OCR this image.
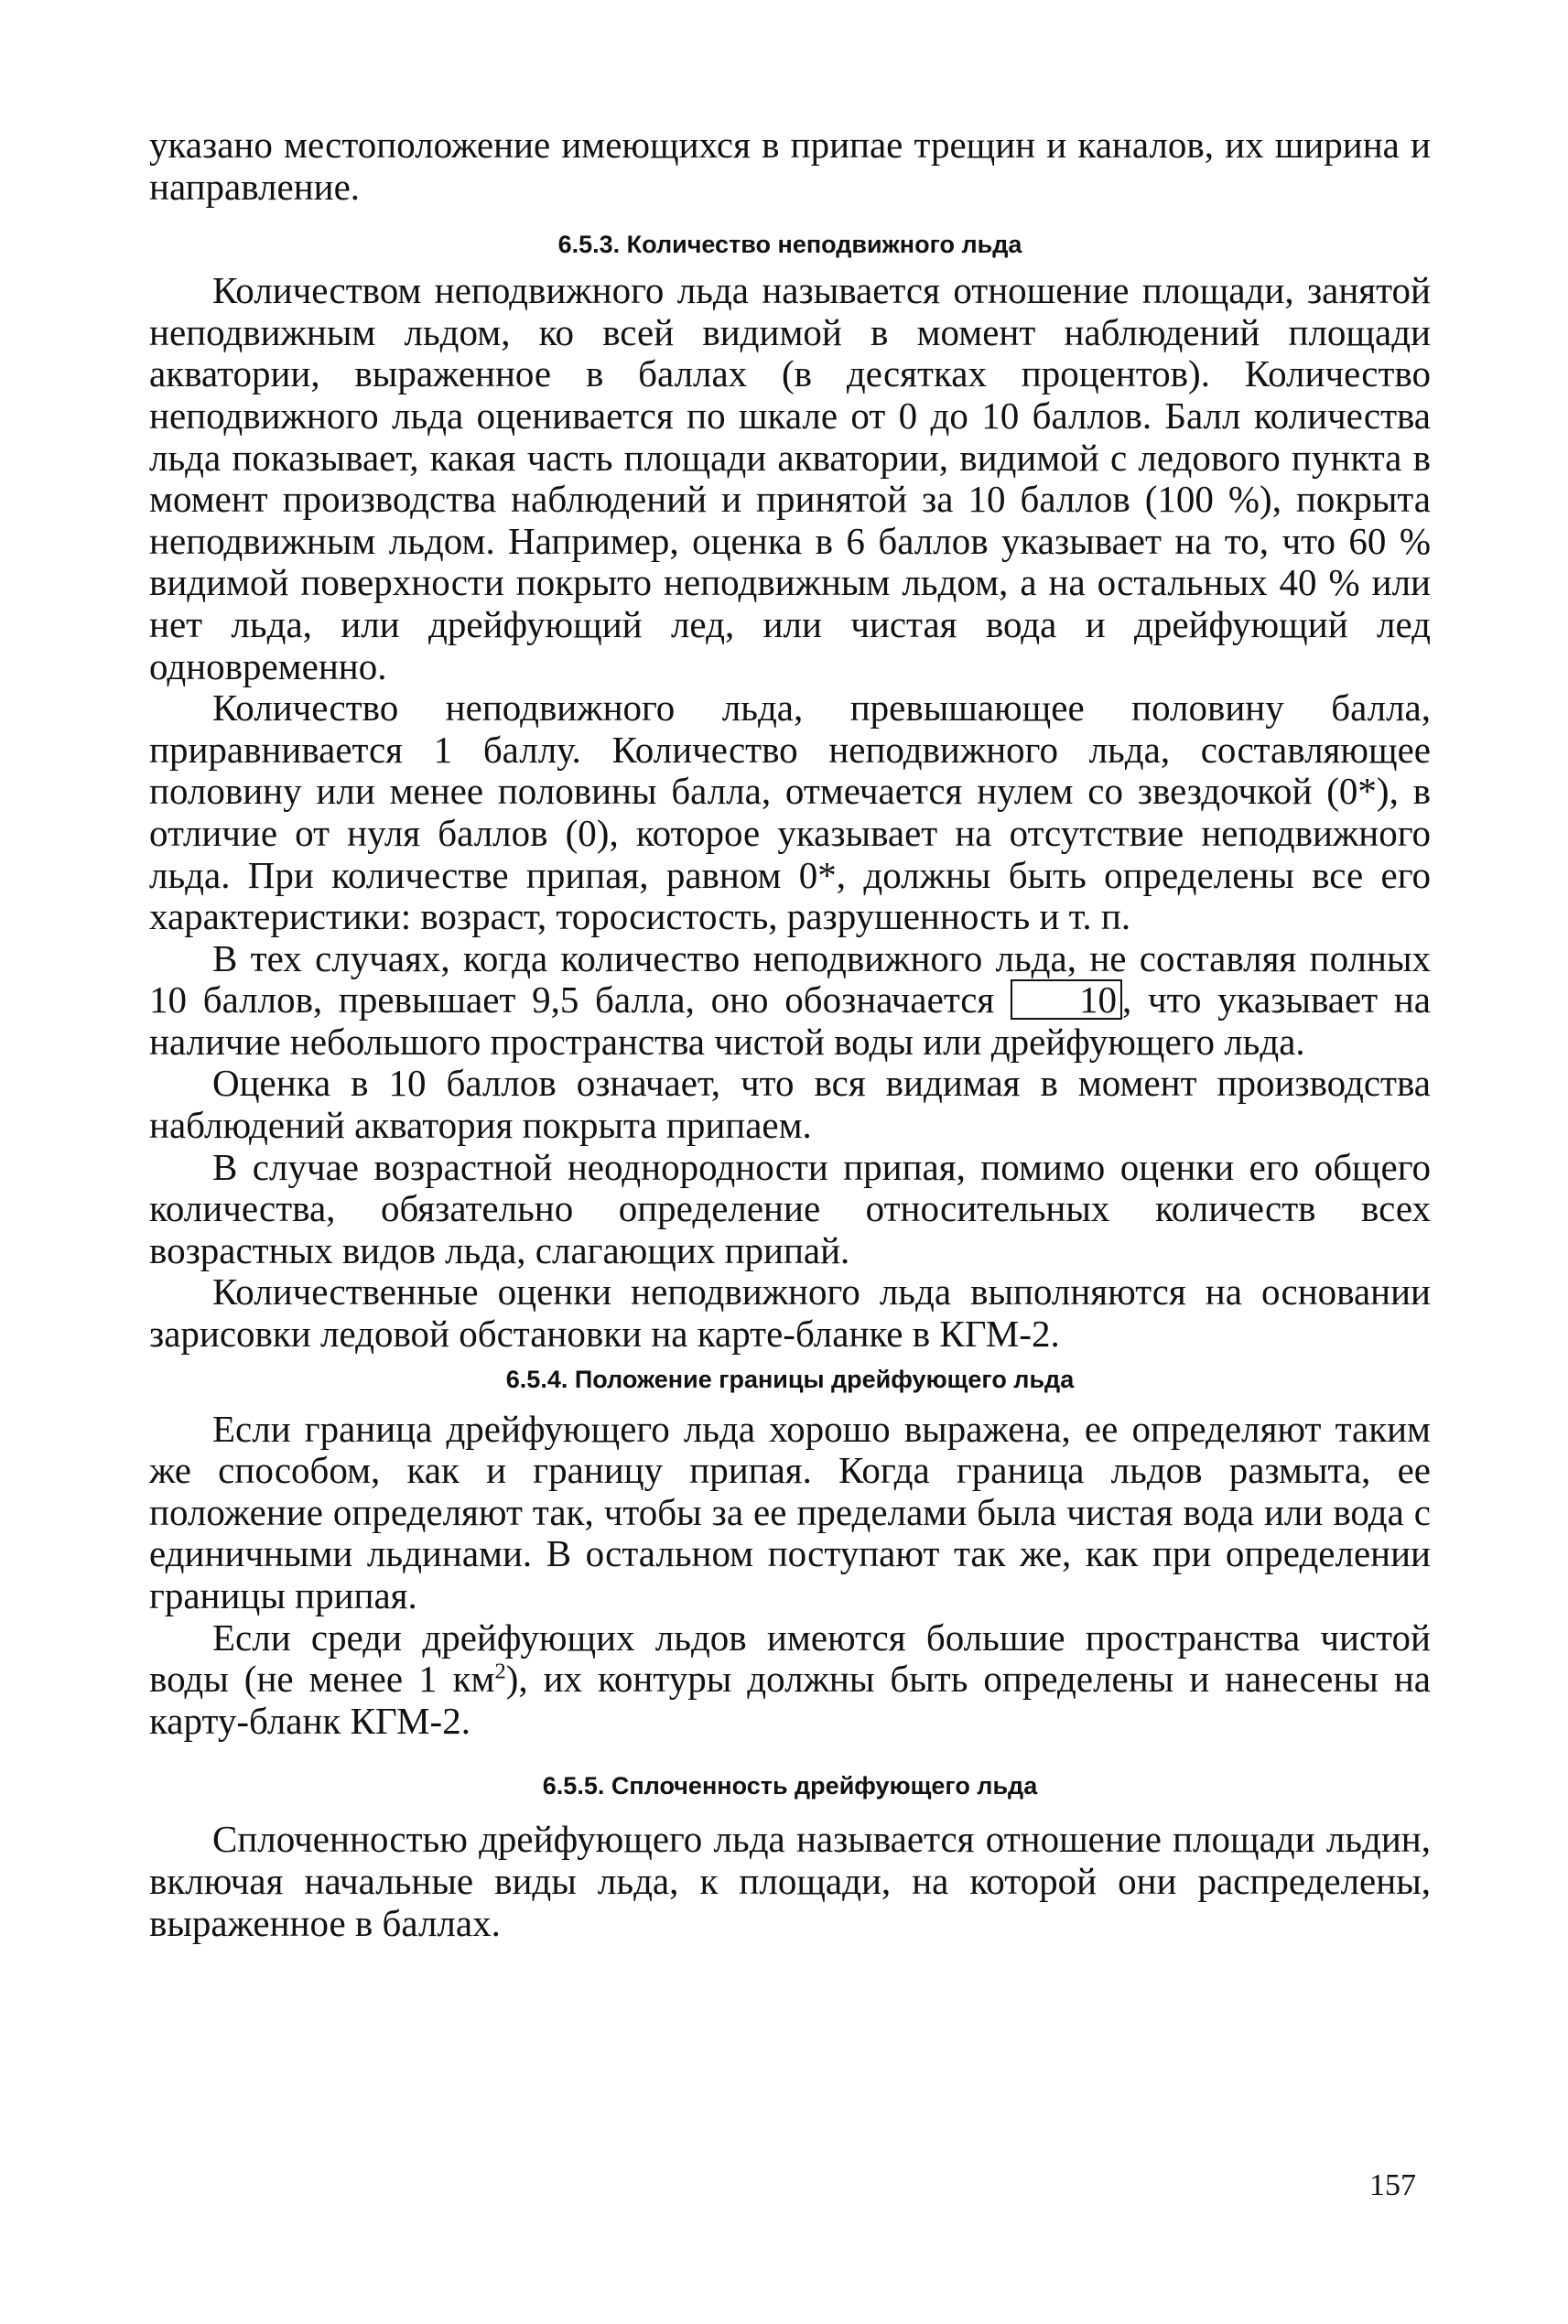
указано местоположение имеющихся в припае трещин и каналов, их ширина и направление.

6.5.3. Количество неподвижного льда

Количеством неподвижного льда называется отношение площади, занятой неподвижным льдом, ко всей видимой в момент наблюдений площади акватории, выраженное в баллах (в десятках процентов). Количество неподвижного льда оценивается по шкале от 0 до 10 баллов. Балл количества льда показывает, какая часть площади акватории, видимой с ледового пункта в момент производства наблюдений и принятой за 10 баллов (100 %), покрыта неподвижным льдом. Например, оценка в 6 баллов указывает на то, что 60 % видимой поверхности покрыто неподвижным льдом, а на остальных 40 % или нет льда, или дрейфующий лед, или чистая вода и дрейфующий лед одновременно.

Количество неподвижного льда, превышающее половину балла, приравнивается 1 баллу. Количество неподвижного льда, составляющее половину или менее половины балла, отмечается нулем со звездочкой (0*), в отличие от нуля баллов (0), которое указывает на отсутствие неподвижного льда. При количестве припая, равном 0*, должны быть определены все его характеристики: возраст, торосистость, разрушенность и т. п.

В тех случаях, когда количество неподвижного льда, не составляя полных 10 баллов, превышает 9,5 балла, оно обозначается 10 , что указывает на наличие небольшого пространства чистой воды или дрейфующего льда.

Оценка в 10 баллов означает, что вся видимая в момент производства наблюдений акватория покрыта припаем.

В случае возрастной неоднородности припая, помимо оценки его общего количества, обязательно определение относительных количеств всех возрастных видов льда, слагающих припай.

Количественные оценки неподвижного льда выполняются на основании зарисовки ледовой обстановки на карте-бланке в КГМ-2.

6.5.4. Положение границы дрейфующего льда

Если граница дрейфующего льда хорошо выражена, ее определяют таким же способом, как и границу припая. Когда граница льдов размыта, ее положение определяют так, чтобы за ее пределами была чистая вода или вода с единичными льдинами. В остальном поступают так же, как при определении границы припая.

Если среди дрейфующих льдов имеются большие пространства чистой воды (не менее 1 $км^2$), их контуры должны быть определены и нанесены на карту-бланк КГМ-2.

6.5.5. Сплоченность дрейфующего льда

Сплоченностью дрейфующего льда называется отношение площади льдин, включая начальные виды льда, к площади, на которой они распределены, выраженное в баллах.

157
